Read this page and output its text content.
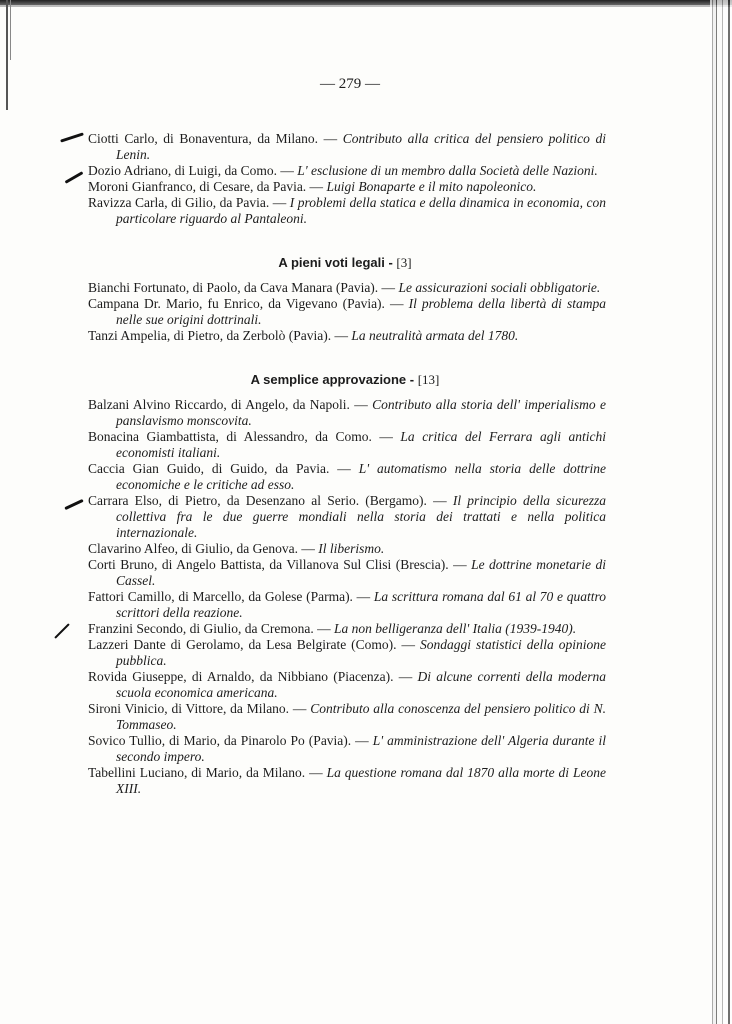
— 279 —
Ciotti Carlo, di Bonaventura, da Milano. — Contributo alla critica del pensiero politico di Lenin.
Dozio Adriano, di Luigi, da Como. — L' esclusione di un membro dalla Società delle Nazioni.
Moroni Gianfranco, di Cesare, da Pavia. — Luigi Bonaparte e il mito napoleonico.
Ravizza Carla, di Gilio, da Pavia. — I problemi della statica e della dinamica in economia, con particolare riguardo al Pantaleoni.
A pieni voti legali - [3]
Bianchi Fortunato, di Paolo, da Cava Manara (Pavia). — Le assicurazioni sociali obbligatorie.
Campana Dr. Mario, fu Enrico, da Vigevano (Pavia). — Il problema della libertà di stampa nelle sue origini dottrinali.
Tanzi Ampelia, di Pietro, da Zerbolò (Pavia). — La neutralità armata del 1780.
A semplice approvazione - [13]
Balzani Alvino Riccardo, di Angelo, da Napoli. — Contributo alla storia dell' imperialismo e panslavismo monscovita.
Bonacina Giambattista, di Alessandro, da Como. — La critica del Ferrara agli antichi economisti italiani.
Caccia Gian Guido, di Guido, da Pavia. — L' automatismo nella storia delle dottrine economiche e le critiche ad esso.
Carrara Elso, di Pietro, da Desenzano al Serio. (Bergamo). — Il principio della sicurezza collettiva fra le due guerre mondiali nella storia dei trattati e nella politica internazionale.
Clavarino Alfeo, di Giulio, da Genova. — Il liberismo.
Corti Bruno, di Angelo Battista, da Villanova Sul Clisi (Brescia). — Le dottrine monetarie di Cassel.
Fattori Camillo, di Marcello, da Golese (Parma). — La scrittura romana dal 61 al 70 e quattro scrittori della reazione.
Franzini Secondo, di Giulio, da Cremona. — La non belligeranza dell' Italia (1939-1940).
Lazzeri Dante di Gerolamo, da Lesa Belgirate (Como). — Sondaggi statistici della opinione pubblica.
Rovida Giuseppe, di Arnaldo, da Nibbiano (Piacenza). — Di alcune correnti della moderna scuola economica americana.
Sironi Vinicio, di Vittore, da Milano. — Contributo alla conoscenza del pensiero politico di N. Tommaseo.
Sovico Tullio, di Mario, da Pinarolo Po (Pavia). — L' amministrazione dell' Algeria durante il secondo impero.
Tabellini Luciano, di Mario, da Milano. — La questione romana dal 1870 alla morte di Leone XIII.
